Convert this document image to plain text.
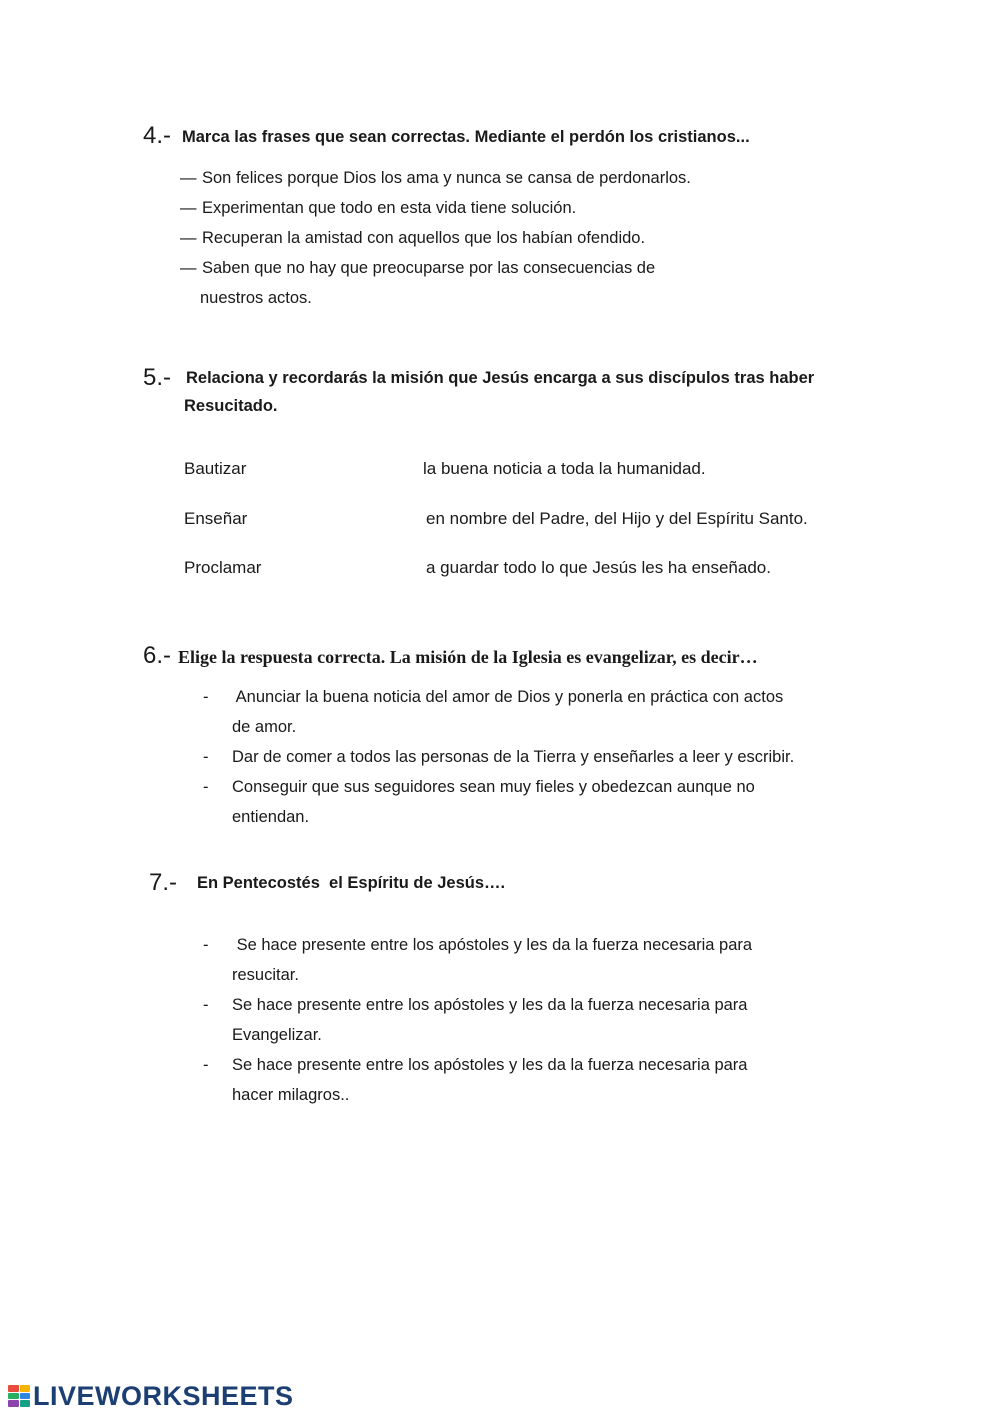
4.- Marca las frases que sean correctas. Mediante el perdón los cristianos...
— Son felices porque Dios los ama y nunca se cansa de perdonarlos.
— Experimentan que todo en esta vida tiene solución.
— Recuperan la amistad con aquellos que los habían ofendido.
— Saben que no hay que preocuparse por las consecuencias de
nuestros actos.
5.- Relaciona y recordarás la misión que Jesús encarga a sus discípulos tras haber
Resucitado.
Bautizar	la buena noticia a toda la humanidad.
Enseñar	en nombre del Padre, del Hijo y del Espíritu Santo.
Proclamar	a guardar todo lo que Jesús les ha enseñado.
6.- Elige la respuesta correcta. La misión de la Iglesia es evangelizar, es decir…
- Anunciar la buena noticia del amor de Dios y ponerla en práctica con actos
de amor.
- Dar de comer a todos las personas de la Tierra y enseñarles a leer y escribir.
- Conseguir que sus seguidores sean muy fieles y obedezcan aunque no
entiendan.
7.- En Pentecostés  el Espíritu de Jesús….
- Se hace presente entre los apóstoles y les da la fuerza necesaria para
resucitar.
- Se hace presente entre los apóstoles y les da la fuerza necesaria para
Evangelizar.
- Se hace presente entre los apóstoles y les da la fuerza necesaria para
hacer milagros..
LIVEWORKSHEETS
